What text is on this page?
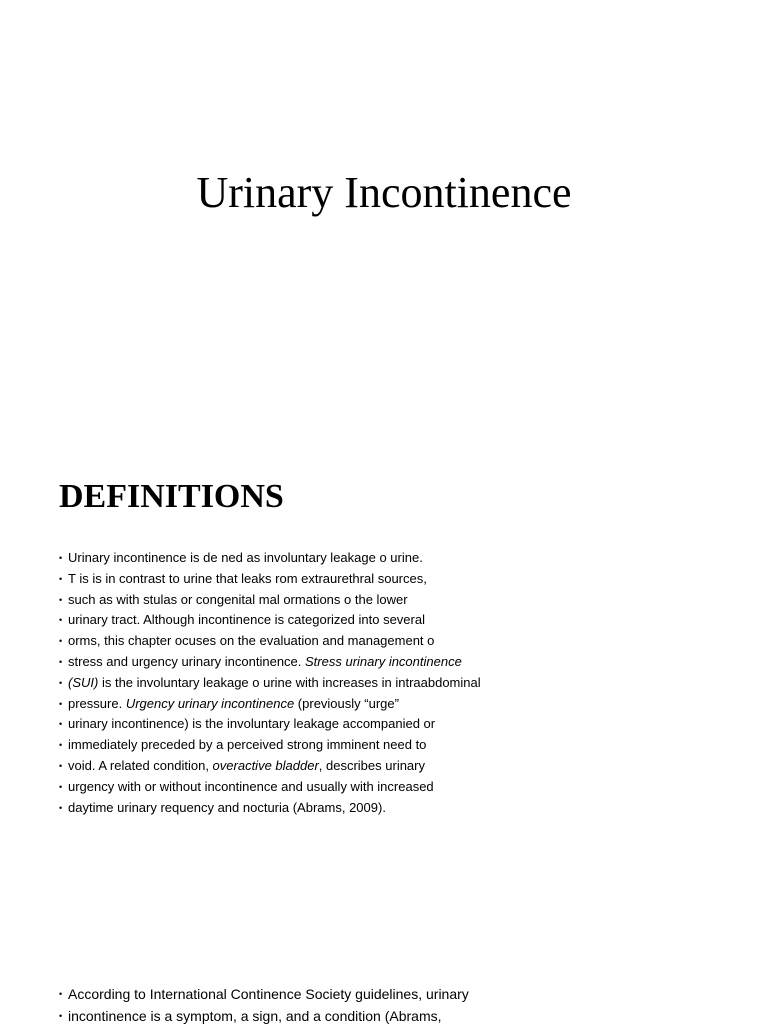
Urinary Incontinence
DEFINITIONS
• Urinary incontinence is de ned as involuntary leakage o urine.
• T is is in contrast to urine that leaks rom extraurethral sources,
• such as with stulas or congenital mal ormations o the lower
• urinary tract. Although incontinence is categorized into several
• orms, this chapter ocuses on the evaluation and management o
• stress and urgency urinary incontinence. Stress urinary incontinence
• (SUI) is the involuntary leakage o urine with increases in intraabdominal
• pressure. Urgency urinary incontinence (previously “urge”
• urinary incontinence) is the involuntary leakage accompanied or
• immediately preceded by a perceived strong imminent need to
• void. A related condition, overactive bladder, describes urinary
• urgency with or without incontinence and usually with increased
• daytime urinary requency and nocturia (Abrams, 2009).
• According to International Continence Society guidelines, urinary
• incontinence is a symptom, a sign, and a condition (Abrams,
